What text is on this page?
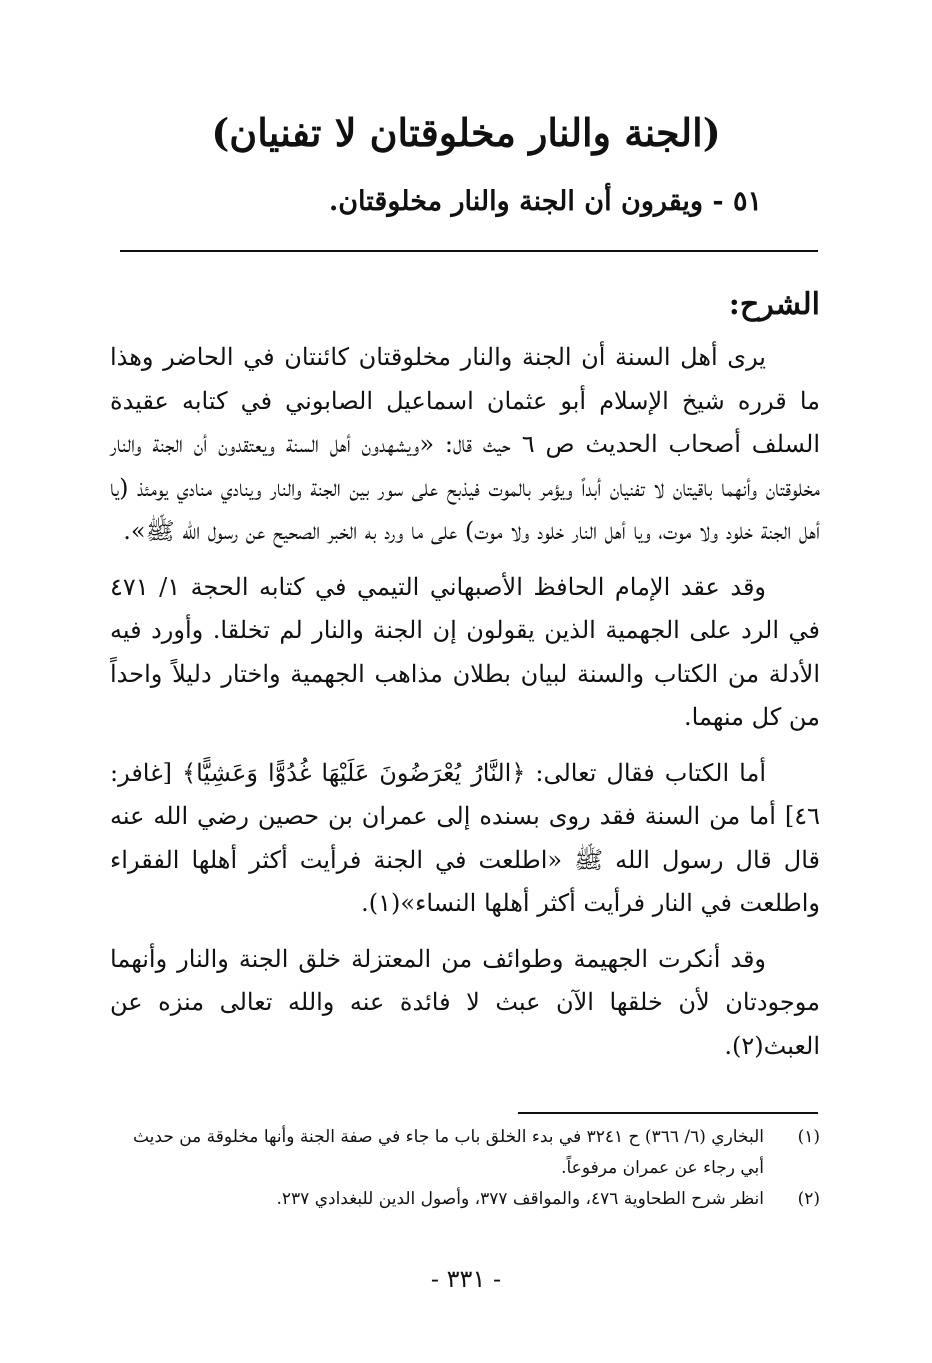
(الجنة والنار مخلوقتان لا تفنيان)
٥١ - ويقرون أن الجنة والنار مخلوقتان.
الشرح:

يرى أهل السنة أن الجنة والنار مخلوقتان كائنتان في الحاضر وهذا ما قرره شيخ الإسلام أبو عثمان اسماعيل الصابوني في كتابه عقيدة السلف أصحاب الحديث ص ٦ حيث قال: «ويشهدون أهل السنة ويعتقدون أن الجنة والنار مخلوقتان وأنهما باقيتان لا تفنيان أبداً ويؤمر بالموت فيذبح على سور بين الجنة والنار وينادي منادي يومئذ (يا أهل الجنة خلود ولا موت، ويا أهل النار خلود ولا موت) على ما ورد به الخبر الصحيح عن رسول الله ﷺ».

وقد عقد الإمام الحافظ الأصبهاني التيمي في كتابه الحجة ١/ ٤٧١ في الرد على الجهمية الذين يقولون إن الجنة والنار لم تخلقا. وأورد فيه الأدلة من الكتاب والسنة لبيان بطلان مذاهب الجهمية واختار دليلاً واحداً من كل منهما.

أما الكتاب فقال تعالى: ﴿النَّارُ يُعْرَضُونَ عَلَيْهَا غُدُوًّا وَعَشِيًّا﴾ [غافر: ٤٦] أما من السنة فقد روى بسنده إلى عمران بن حصين رضي الله عنه قال قال رسول الله ﷺ «اطلعت في الجنة فرأيت أكثر أهلها الفقراء واطلعت في النار فرأيت أكثر أهلها النساء»(١).

وقد أنكرت الجهيمة وطوائف من المعتزلة خلق الجنة والنار وأنهما موجودتان لأن خلقها الآن عبث لا فائدة عنه والله تعالى منزه عن العبث(٢).

(١)
البخاري (٦/ ٣٦٦) ح ٣٢٤١ في بدء الخلق باب ما جاء في صفة الجنة وأنها مخلوقة من حديث أبي رجاء عن عمران مرفوعاً.
(٢)
انظر شرح الطحاوية ٤٧٦، والمواقف ٣٧٧، وأصول الدين للبغدادي ٢٣٧.
- ٣٣١ -
